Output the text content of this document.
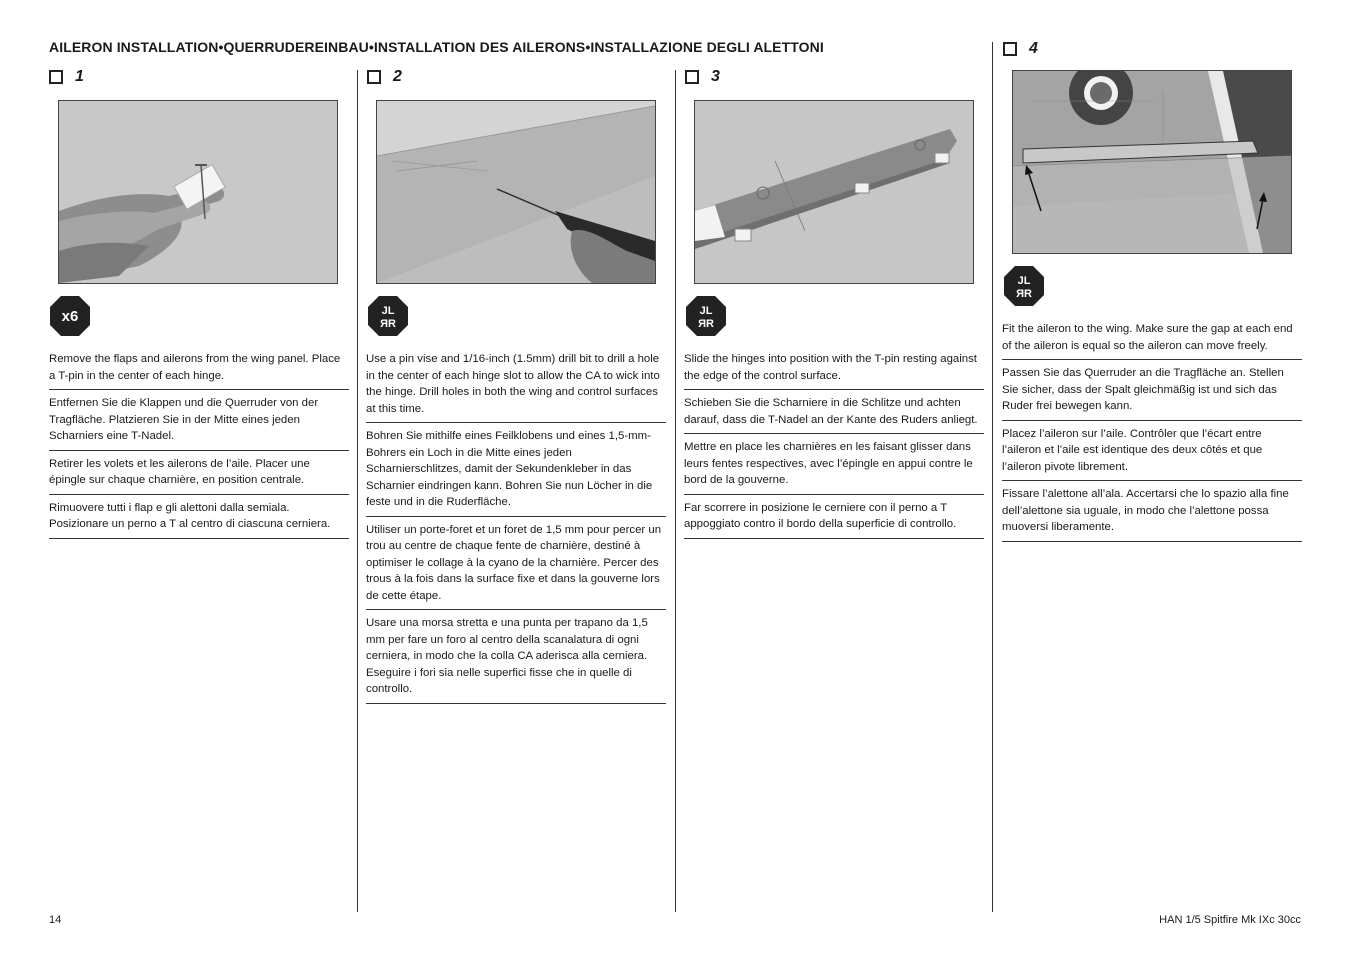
AILERON INSTALLATION•QUERRUDEREINBAU•INSTALLATION DES AILERONS•INSTALLAZIONE DEGLI ALETTONI
1
x6
Remove the flaps and ailerons from the wing panel. Place a T-pin in the center of each hinge.
Entfernen Sie die Klappen und die Querruder von der Tragfläche. Platzieren Sie in der Mitte eines jeden Scharniers eine T-Nadel.
Retirer les volets et les ailerons de l’aile. Placer une épingle sur chaque charnière, en position centrale.
Rimuovere tutti i flap e gli alettoni dalla semiala. Posizionare un perno a T al centro di ciascuna cerniera.
2
JL
ЯR
Use a pin vise and 1/16-inch (1.5mm) drill bit to drill a hole in the center of each hinge slot to allow the CA to wick into the hinge. Drill holes in both the wing and control surfaces at this time.
Bohren Sie mithilfe eines Feilklobens und eines 1,5-mm-Bohrers ein Loch in die Mitte eines jeden Scharnierschlitzes, damit der Sekundenkleber in das Scharnier eindringen kann. Bohren Sie nun Löcher in die feste und in die Ruderfläche.
Utiliser un porte-foret et un foret de 1,5 mm pour percer un trou au centre de chaque fente de charnière, destiné à optimiser le collage à la cyano de la charnière. Percer des trous à la fois dans la surface fixe et dans la gouverne lors de cette étape.
Usare una morsa stretta e una punta per trapano da 1,5 mm per fare un foro al centro della scanalatura di ogni cerniera, in modo che la colla CA aderisca alla cerniera. Eseguire i fori sia nelle superfici fisse che in quelle di controllo.
3
JL
ЯR
Slide the hinges into position with the T-pin resting against the edge of the control surface.
Schieben Sie die Scharniere in die Schlitze und achten darauf, dass die T-Nadel an der Kante des Ruders anliegt.
Mettre en place les charnières en les faisant glisser dans leurs fentes respectives, avec l’épingle en appui contre le bord de la gouverne.
Far scorrere in posizione le cerniere con il perno a T appoggiato contro il bordo della superficie di controllo.
4
JL
ЯR
Fit the aileron to the wing. Make sure the gap at each end of the aileron is equal so the aileron can move freely.
Passen Sie das Querruder an die Tragfläche an. Stellen Sie sicher, dass der Spalt gleichmäßig ist und sich das Ruder frei bewegen kann.
Placez l’aileron sur l’aile. Contrôler que l’écart entre l’aileron et l’aile est identique des deux côtés et que l’aileron pivote librement.
Fissare l’alettone all’ala. Accertarsi che lo spazio alla fine dell’alettone sia uguale, in modo che l’alettone possa muoversi liberamente.
14	HAN 1/5 Spitfire Mk IXc 30cc
